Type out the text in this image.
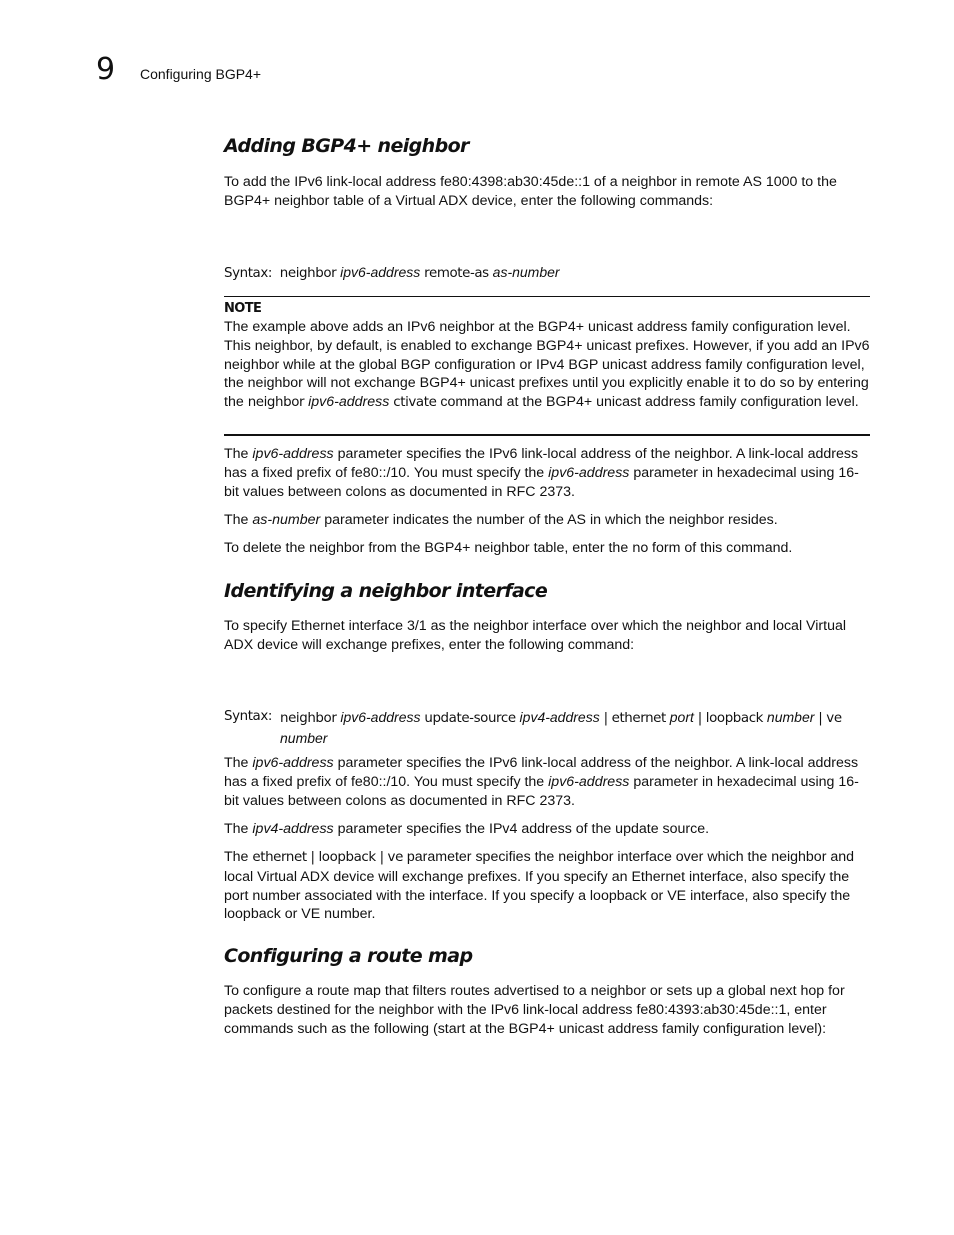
9 Configuring BGP4+
Adding BGP4+ neighbor

To add the IPv6 link-local address fe80:4398:ab30:45de::1 of a neighbor in remote AS 1000 to the BGP4+ neighbor table of a Virtual ADX device, enter the following commands:

Syntax: neighbor ipv6-address remote-as as-number
NOTE

The example above adds an IPv6 neighbor at the BGP4+ unicast address family configuration level. This neighbor, by default, is enabled to exchange BGP4+ unicast prefixes. However, if you add an IPv6 neighbor while at the global BGP configuration or IPv4 BGP unicast address family configuration level, the neighbor will not exchange BGP4+ unicast prefixes until you explicitly enable it to do so by entering the neighbor ipv6-address ctivate command at the BGP4+ unicast address family configuration level.

The ipv6-address parameter specifies the IPv6 link-local address of the neighbor. A link-local address has a fixed prefix of fe80::/10. You must specify the ipv6-address parameter in hexadecimal using 16-bit values between colons as documented in RFC 2373.

The as-number parameter indicates the number of the AS in which the neighbor resides.

To delete the neighbor from the BGP4+ neighbor table, enter the no form of this command.

Identifying a neighbor interface

To specify Ethernet interface 3/1 as the neighbor interface over which the neighbor and local Virtual ADX device will exchange prefixes, enter the following command:

Syntax: neighbor ipv6-address update-source ipv4-address | ethernet port | loopback number | ve number

The ipv6-address parameter specifies the IPv6 link-local address of the neighbor. A link-local address has a fixed prefix of fe80::/10. You must specify the ipv6-address parameter in hexadecimal using 16-bit values between colons as documented in RFC 2373.

The ipv4-address parameter specifies the IPv4 address of the update source.

The ethernet | loopback | ve parameter specifies the neighbor interface over which the neighbor and local Virtual ADX device will exchange prefixes. If you specify an Ethernet interface, also specify the port number associated with the interface. If you specify a loopback or VE interface, also specify the loopback or VE number.

Configuring a route map

To configure a route map that filters routes advertised to a neighbor or sets up a global next hop for packets destined for the neighbor with the IPv6 link-local address fe80:4393:ab30:45de::1, enter commands such as the following (start at the BGP4+ unicast address family configuration level):
